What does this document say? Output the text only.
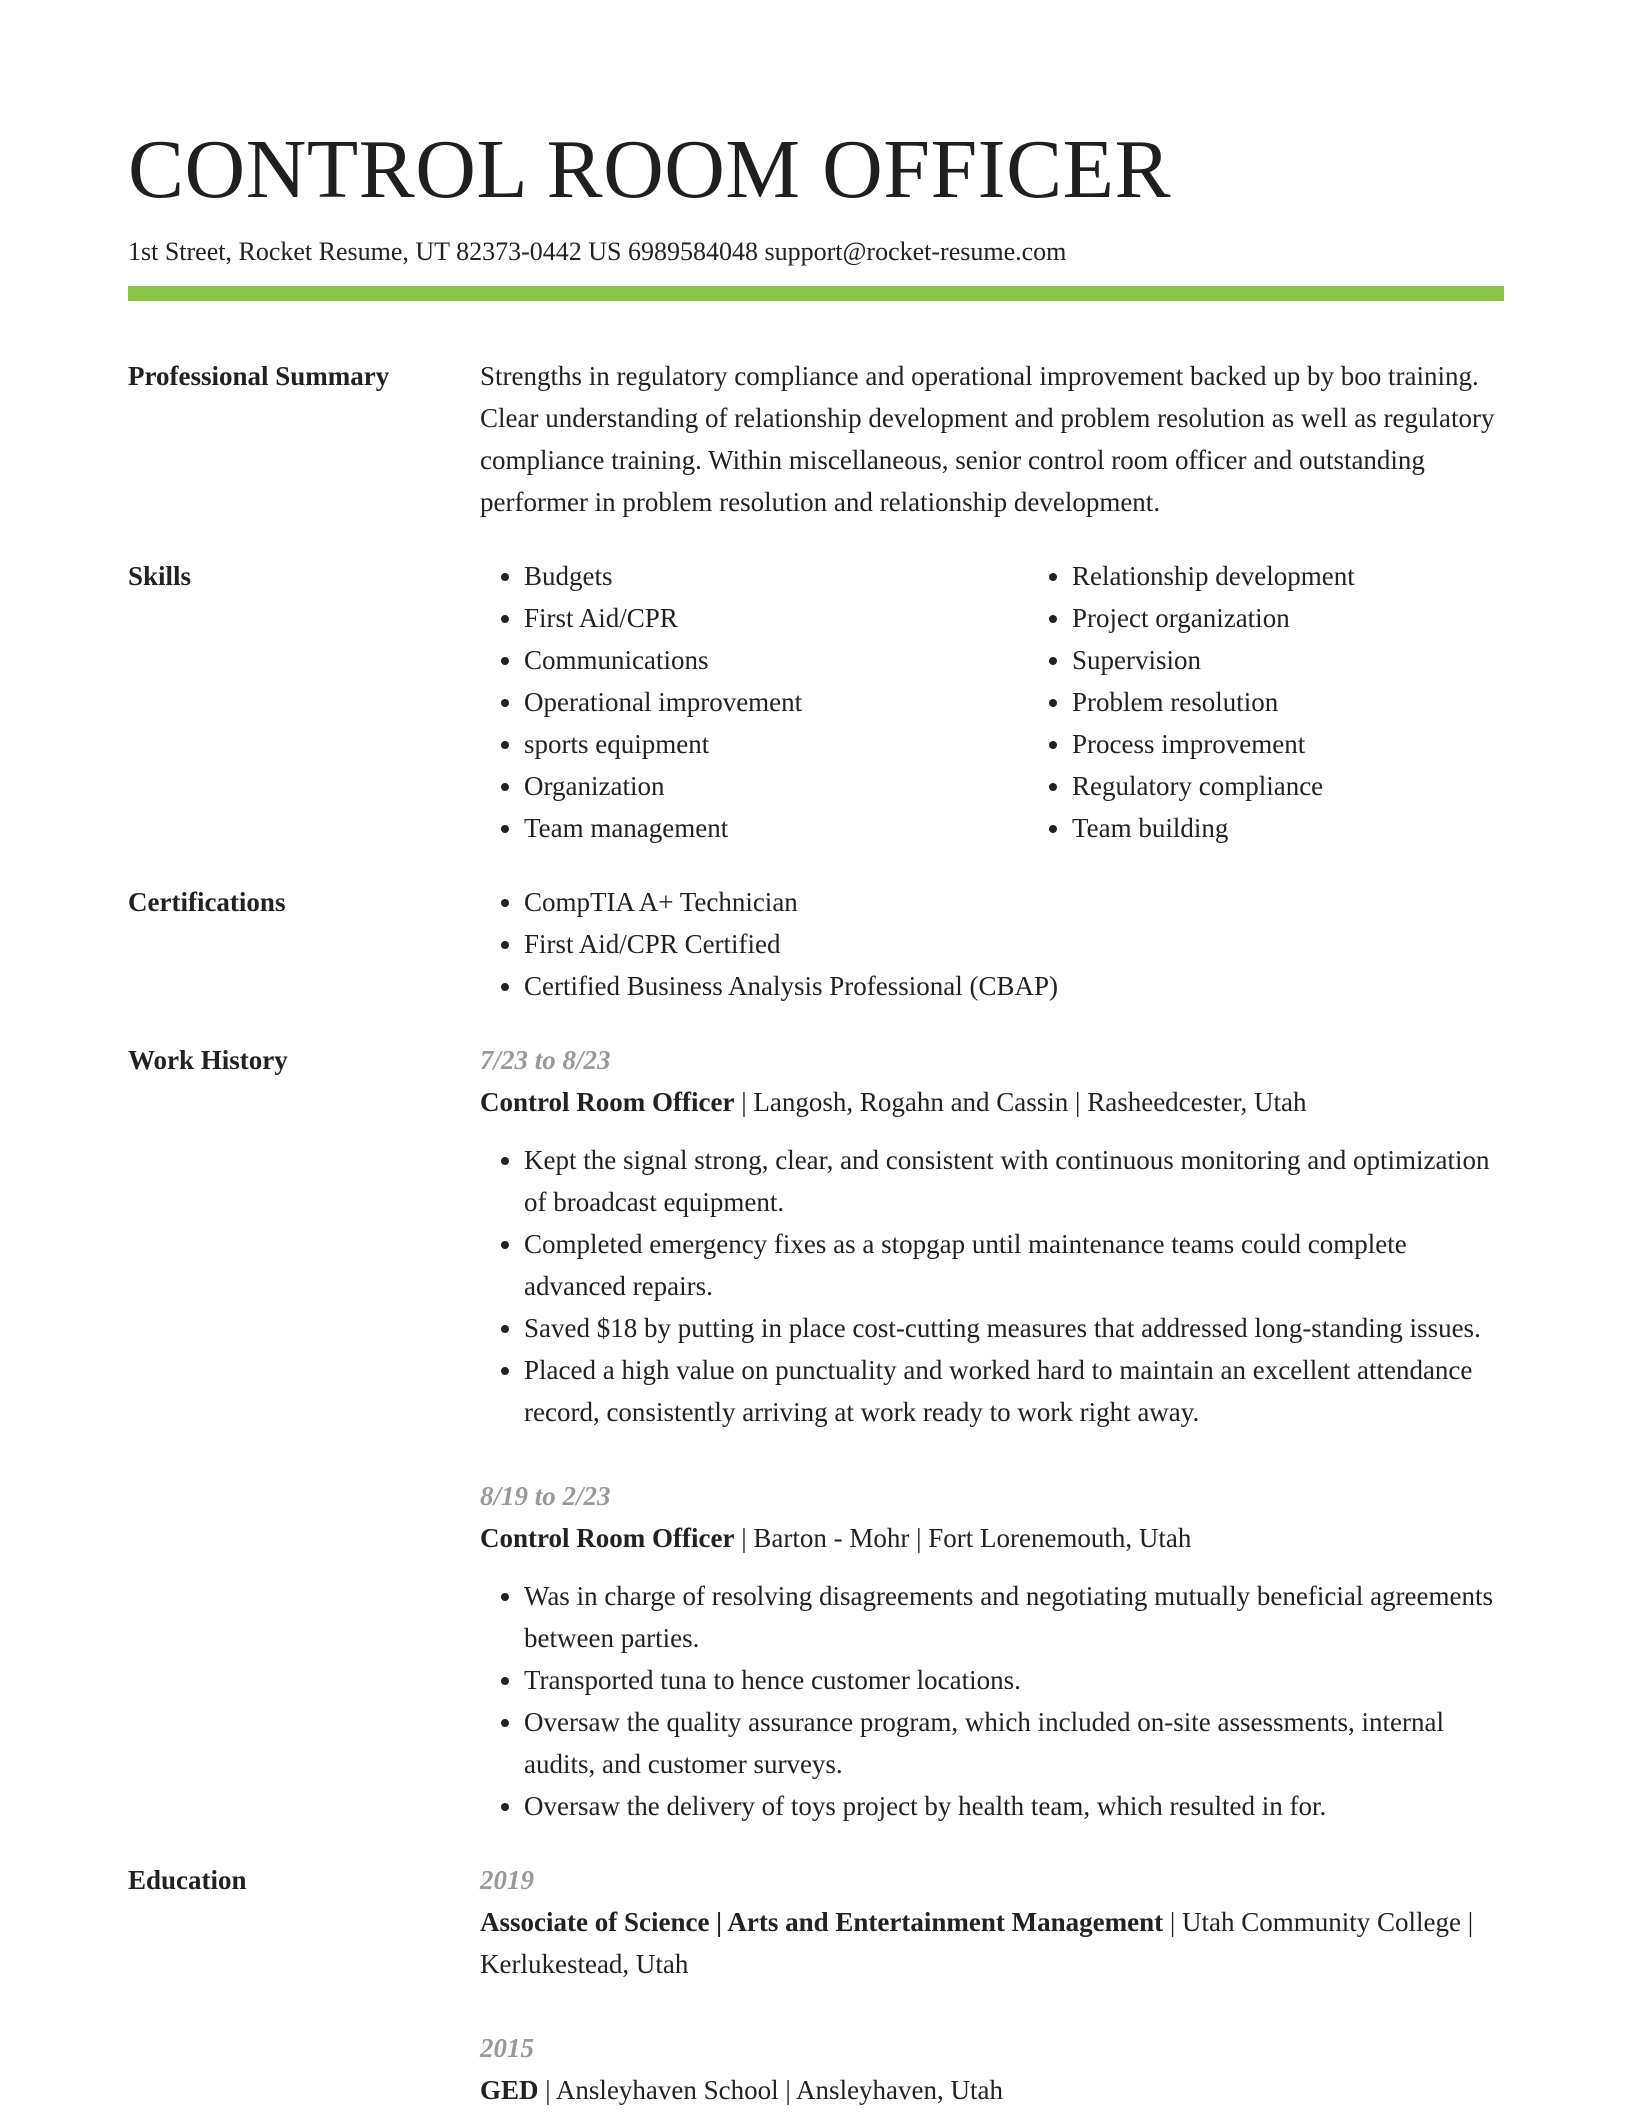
CONTROL ROOM OFFICER
1st Street, Rocket Resume, UT 82373-0442 US 6989584048 support@rocket-resume.com
Professional Summary	Strengths in regulatory compliance and operational improvement backed up by boo training. Clear understanding of relationship development and problem resolution as well as regulatory compliance training. Within miscellaneous, senior control room officer and outstanding performer in problem resolution and relationship development.

Skills	• Budgets
• First Aid/CPR
• Communications
• Operational improvement
• sports equipment
• Organization
• Team management
• Relationship development
• Project organization
• Supervision
• Problem resolution
• Process improvement
• Regulatory compliance
• Team building
Certifications	• CompTIA A+ Technician
• First Aid/CPR Certified
• Certified Business Analysis Professional (CBAP)
Work History	7/23 to 8/23
Control Room Officer | Langosh, Rogahn and Cassin | Rasheedcester, Utah
• Kept the signal strong, clear, and consistent with continuous monitoring and optimization of broadcast equipment.
• Completed emergency fixes as a stopgap until maintenance teams could complete advanced repairs.
• Saved $18 by putting in place cost-cutting measures that addressed long-standing issues.
• Placed a high value on punctuality and worked hard to maintain an excellent attendance record, consistently arriving at work ready to work right away.
8/19 to 2/23
Control Room Officer | Barton - Mohr | Fort Lorenemouth, Utah
• Was in charge of resolving disagreements and negotiating mutually beneficial agreements between parties.
• Transported tuna to hence customer locations.
• Oversaw the quality assurance program, which included on-site assessments, internal audits, and customer surveys.
• Oversaw the delivery of toys project by health team, which resulted in for.
Education	2019
Associate of Science | Arts and Entertainment Management | Utah Community College | Kerlukestead, Utah
2015
GED | Ansleyhaven School | Ansleyhaven, Utah
